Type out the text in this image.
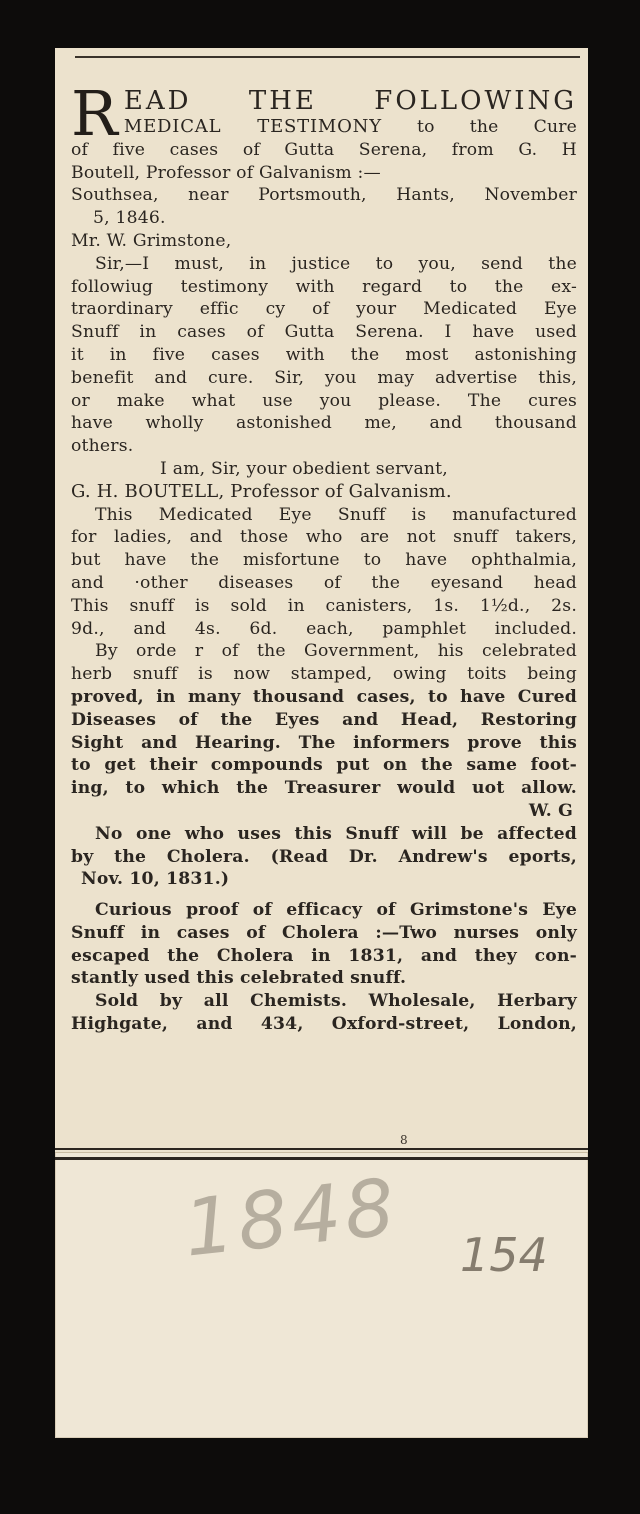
R EAD THE FOLLOWING

MEDICAL TESTIMONY to the Cure

of five cases of Gutta Serena, from G. H

Boutell, Professor of Galvanism :—

Southsea, near Portsmouth, Hants, November

5, 1846.

Mr. W. Grimstone,

Sir,—I must, in justice to you, send the

followiug testimony with regard to the ex-

traordinary effic cy of your Medicated Eye

Snuff in cases of Gutta Serena. I have used

it in five cases with the most astonishing

benefit and cure. Sir, you may advertise this,

or make what use you please. The cures

have wholly astonished me, and thousand

others.

I am, Sir, your obedient servant,

G. H. BOUTELL, Professor of Galvanism.

This Medicated Eye Snuff is manufactured

for ladies, and those who are not snuff takers,

but have the misfortune to have ophthalmia,

and ·other diseases of the eyesand head

This snuff is sold in canisters, 1s. 1½d., 2s.

9d., and 4s. 6d. each, pamphlet included.

By orde r of the Government, his celebrated

herb snuff is now stamped, owing toits being

proved, in many thousand cases, to have Cured

Diseases of the Eyes and Head, Restoring

Sight and Hearing. The informers prove this

to get their compounds put on the same foot-

ing, to which the Treasurer would uot allow.

W. G

No one who uses this Snuff will be affected

by the Cholera. (Read Dr. Andrew's eports,

Nov. 10, 1831.)

Curious proof of efficacy of Grimstone's Eye

Snuff in cases of Cholera :—Two nurses only

escaped the Cholera in 1831, and they con-

stantly used this celebrated snuff.

Sold by all Chemists. Wholesale, Herbary

Highgate, and 434, Oxford-street, London,

8
1848 154
